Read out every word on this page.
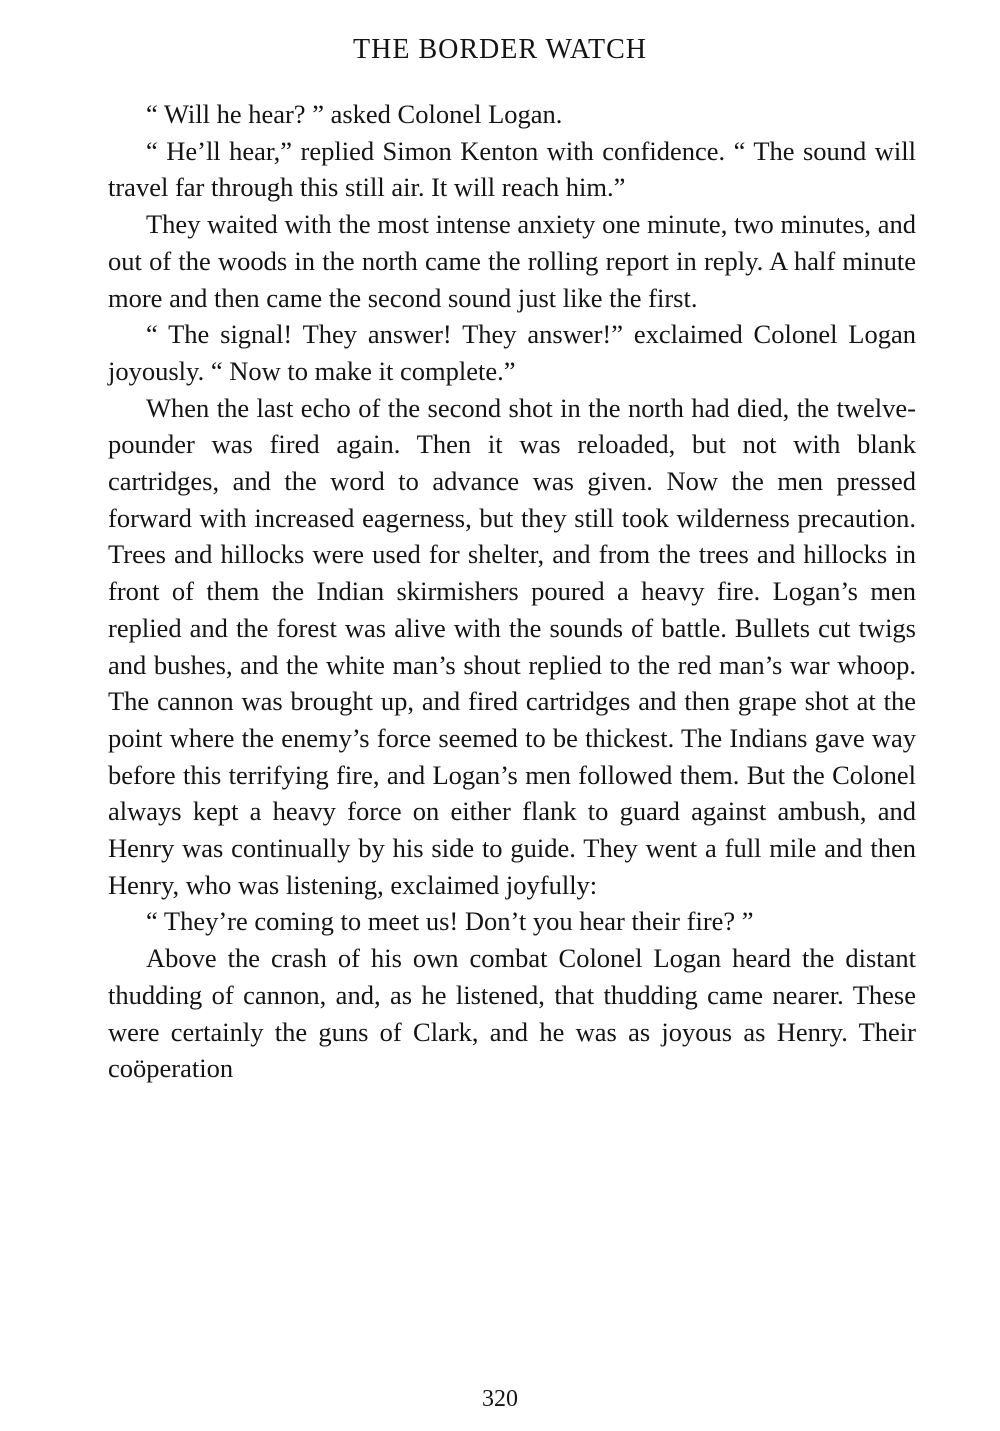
THE BORDER WATCH

“ Will he hear? ” asked Colonel Logan.

“ He’ll hear,” replied Simon Kenton with confidence. “ The sound will travel far through this still air. It will reach him.”

They waited with the most intense anxiety one minute, two minutes, and out of the woods in the north came the rolling report in reply. A half minute more and then came the second sound just like the first.

“ The signal! They answer! They answer!” exclaimed Colonel Logan joyously. “ Now to make it complete.”

When the last echo of the second shot in the north had died, the twelve-pounder was fired again. Then it was reloaded, but not with blank cartridges, and the word to advance was given. Now the men pressed forward with increased eagerness, but they still took wilderness precaution. Trees and hillocks were used for shelter, and from the trees and hillocks in front of them the Indian skirmishers poured a heavy fire. Logan’s men replied and the forest was alive with the sounds of battle. Bullets cut twigs and bushes, and the white man’s shout replied to the red man’s war whoop. The cannon was brought up, and fired cartridges and then grape shot at the point where the enemy’s force seemed to be thickest. The Indians gave way before this terrifying fire, and Logan’s men followed them. But the Colonel always kept a heavy force on either flank to guard against ambush, and Henry was continually by his side to guide. They went a full mile and then Henry, who was listening, exclaimed joyfully:

“ They’re coming to meet us! Don’t you hear their fire? ”

Above the crash of his own combat Colonel Logan heard the distant thudding of cannon, and, as he listened, that thudding came nearer. These were certainly the guns of Clark, and he was as joyous as Henry. Their coöperation

320
